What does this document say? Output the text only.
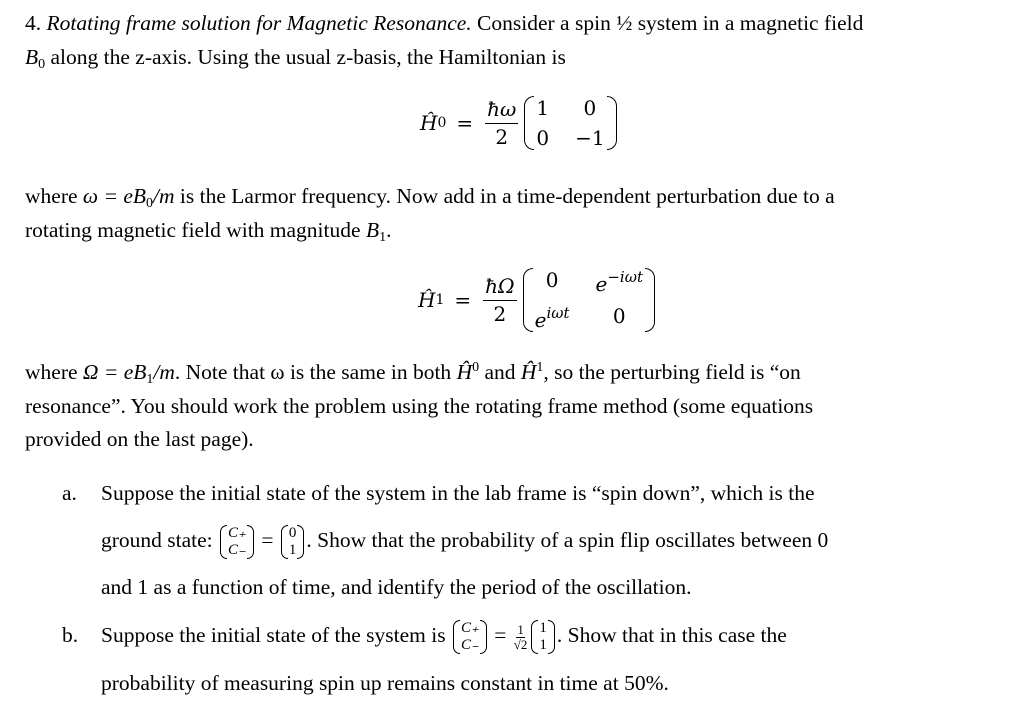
4. Rotating frame solution for Magnetic Resonance. Consider a spin ½ system in a magnetic field
$B_0$ along the z-axis. Using the usual z-basis, the Hamiltonian is
Ĥ $0 = \frac{ħ\omega}{2} 1$	0
0 −1
where $\omega = eB_0/m$ is the Larmor frequency. Now add in a time-dependent perturbation due to a
rotating magnetic field with magnitude $B_1$.
Ĥ $1 = \frac{ħ\Omega}{2}$	0	$e^{-i\omega t}$
$e^{i\omega t}$	0
where $\Omega = eB_1/m$. Note that ω is the same in both $Ĥ^0$ and $Ĥ^1$, so the perturbing field is “on
resonance”. You should work the problem using the rotating frame method (some equations
provided on the last page).
a. Suppose the initial state of the system in the lab frame is “spin down”, which is the
ground state: C₊
C₋ = 0
1 . Show that the probability of a spin flip oscillates between 0
and 1 as a function of time, and identify the period of the oscillation.
b. Suppose the initial state of the system is C₊
$C_- = \frac{1}{√2} 1$
1 . Show that in this case the
probability of measuring spin up remains constant in time at 50%.
